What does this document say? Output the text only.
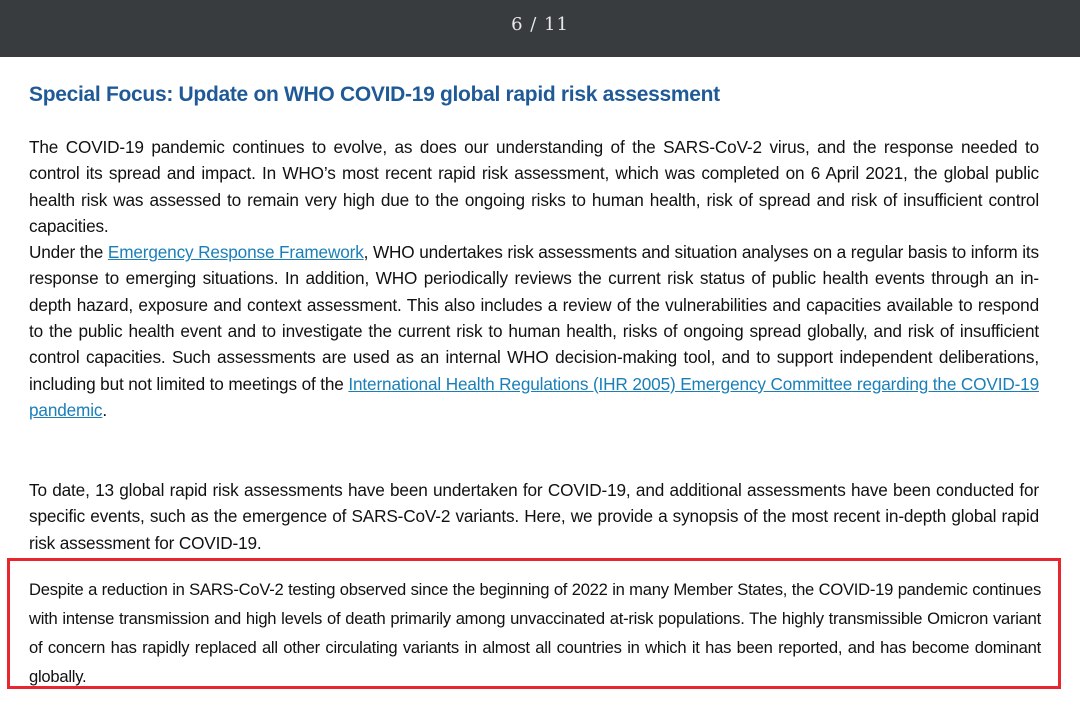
6 / 11
Special Focus: Update on WHO COVID-19 global rapid risk assessment
The COVID-19 pandemic continues to evolve, as does our understanding of the SARS-CoV-2 virus, and the response needed to control its spread and impact. In WHO’s most recent rapid risk assessment, which was completed on 6 April 2021, the global public health risk was assessed to remain very high due to the ongoing risks to human health, risk of spread and risk of insufficient control capacities.
Under the Emergency Response Framework, WHO undertakes risk assessments and situation analyses on a regular basis to inform its response to emerging situations. In addition, WHO periodically reviews the current risk status of public health events through an in-depth hazard, exposure and context assessment. This also includes a review of the vulnerabilities and capacities available to respond to the public health event and to investigate the current risk to human health, risks of ongoing spread globally, and risk of insufficient control capacities. Such assessments are used as an internal WHO decision-making tool, and to support independent deliberations, including but not limited to meetings of the International Health Regulations (IHR 2005) Emergency Committee regarding the COVID-19 pandemic.

To date, 13 global rapid risk assessments have been undertaken for COVID-19, and additional assessments have been conducted for specific events, such as the emergence of SARS-CoV-2 variants. Here, we provide a synopsis of the most recent in-depth global rapid risk assessment for COVID-19.

Despite a reduction in SARS-CoV-2 testing observed since the beginning of 2022 in many Member States, the COVID-19 pandemic continues with intense transmission and high levels of death primarily among unvaccinated at-risk populations. The highly transmissible Omicron variant of concern has rapidly replaced all other circulating variants in almost all countries in which it has been reported, and has become dominant globally.
